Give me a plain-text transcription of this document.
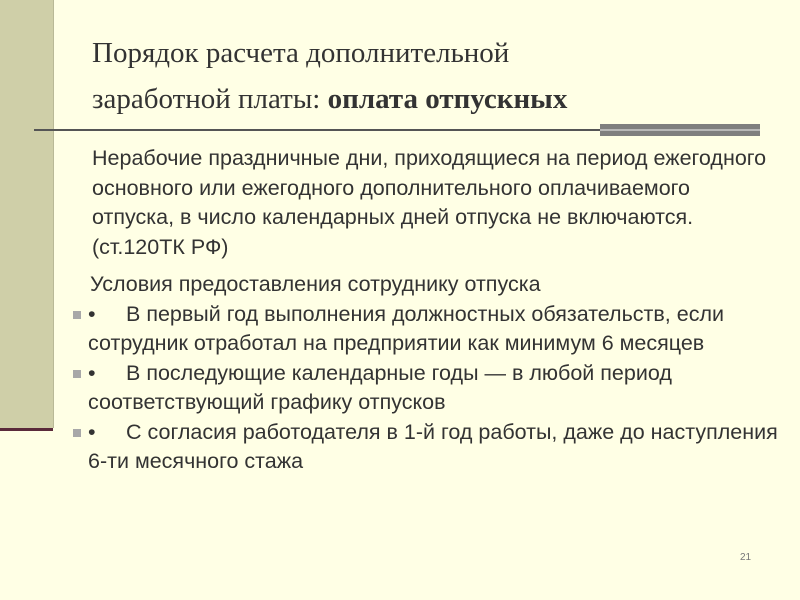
Порядок расчета дополнительной
заработной платы: оплата отпускных

Нерабочие праздничные дни, приходящиеся на период ежегодного основного или ежегодного дополнительного оплачиваемого отпуска, в число календарных дней отпуска не включаются. (ст.120ТК РФ)

Условия предоставления сотруднику отпуска

• В первый год выполнения должностных обязательств, если сотрудник отработал на предприятии как минимум 6 месяцев

• В последующие календарные годы — в любой период соответствующий графику отпусков

• С согласия работодателя в 1-й год работы, даже до наступления 6-ти месячного стажа

21
